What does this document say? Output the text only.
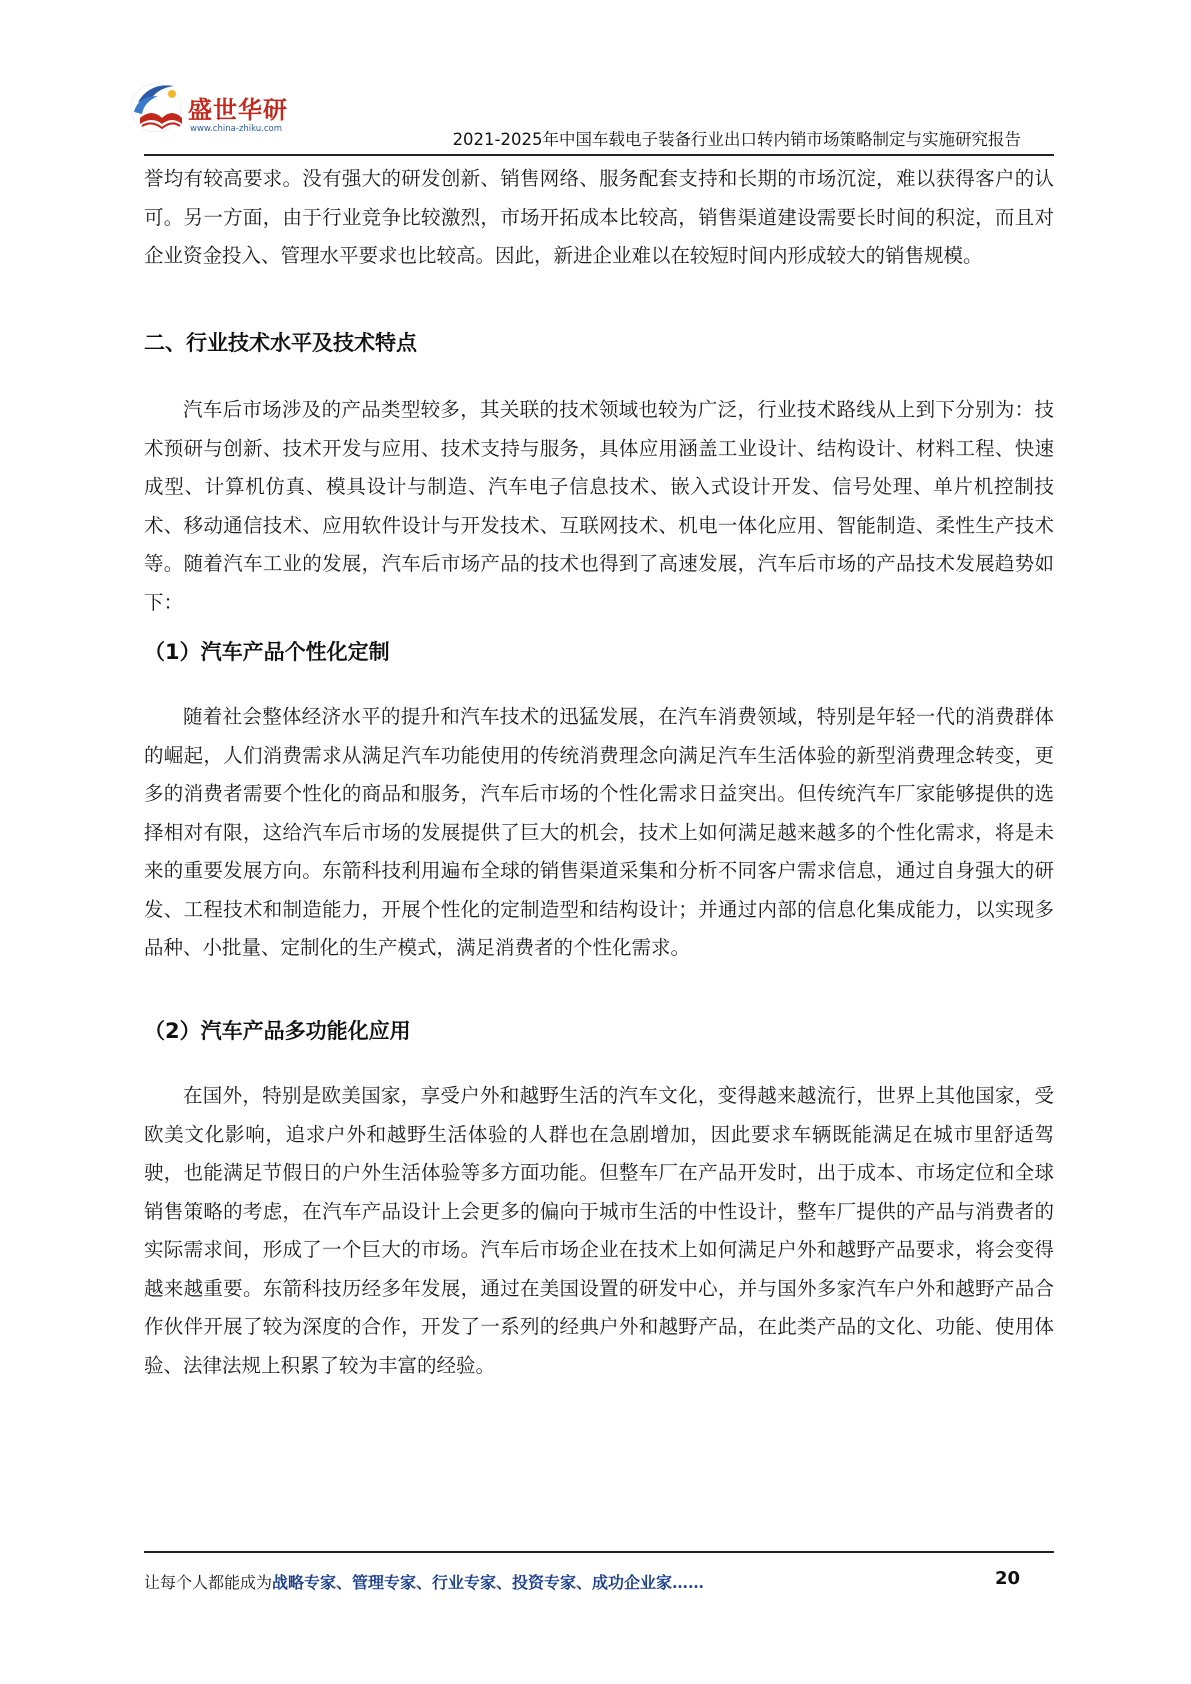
盛世华研
www.china-zhiku.com
2021-2025年中国车载电子装备行业出口转内销市场策略制定与实施研究报告

誉均有较高要求。没有强大的研发创新、销售网络、服务配套支持和长期的市场沉淀，难以获得客户的认可。另一方面，由于行业竞争比较激烈，市场开拓成本比较高，销售渠道建设需要长时间的积淀，而且对企业资金投入、管理水平要求也比较高。因此，新进企业难以在较短时间内形成较大的销售规模。

二、行业技术水平及技术特点

汽车后市场涉及的产品类型较多，其关联的技术领域也较为广泛，行业技术路线从上到下分别为：技术预研与创新、技术开发与应用、技术支持与服务，具体应用涵盖工业设计、结构设计、材料工程、快速成型、计算机仿真、模具设计与制造、汽车电子信息技术、嵌入式设计开发、信号处理、单片机控制技术、移动通信技术、应用软件设计与开发技术、互联网技术、机电一体化应用、智能制造、柔性生产技术等。随着汽车工业的发展，汽车后市场产品的技术也得到了高速发展，汽车后市场的产品技术发展趋势如下：

（1）汽车产品个性化定制

随着社会整体经济水平的提升和汽车技术的迅猛发展，在汽车消费领域，特别是年轻一代的消费群体的崛起，人们消费需求从满足汽车功能使用的传统消费理念向满足汽车生活体验的新型消费理念转变，更多的消费者需要个性化的商品和服务，汽车后市场的个性化需求日益突出。但传统汽车厂家能够提供的选择相对有限，这给汽车后市场的发展提供了巨大的机会，技术上如何满足越来越多的个性化需求，将是未来的重要发展方向。东箭科技利用遍布全球的销售渠道采集和分析不同客户需求信息，通过自身强大的研发、工程技术和制造能力，开展个性化的定制造型和结构设计；并通过内部的信息化集成能力，以实现多品种、小批量、定制化的生产模式，满足消费者的个性化需求。

（2）汽车产品多功能化应用

在国外，特别是欧美国家，享受户外和越野生活的汽车文化，变得越来越流行，世界上其他国家，受欧美文化影响，追求户外和越野生活体验的人群也在急剧增加，因此要求车辆既能满足在城市里舒适驾驶，也能满足节假日的户外生活体验等多方面功能。但整车厂在产品开发时，出于成本、市场定位和全球销售策略的考虑，在汽车产品设计上会更多的偏向于城市生活的中性设计，整车厂提供的产品与消费者的实际需求间，形成了一个巨大的市场。汽车后市场企业在技术上如何满足户外和越野产品要求，将会变得越来越重要。东箭科技历经多年发展，通过在美国设置的研发中心，并与国外多家汽车户外和越野产品合作伙伴开展了较为深度的合作，开发了一系列的经典户外和越野产品，在此类产品的文化、功能、使用体验、法律法规上积累了较为丰富的经验。

让每个人都能成为战略专家、管理专家、行业专家、投资专家、成功企业家……	20
